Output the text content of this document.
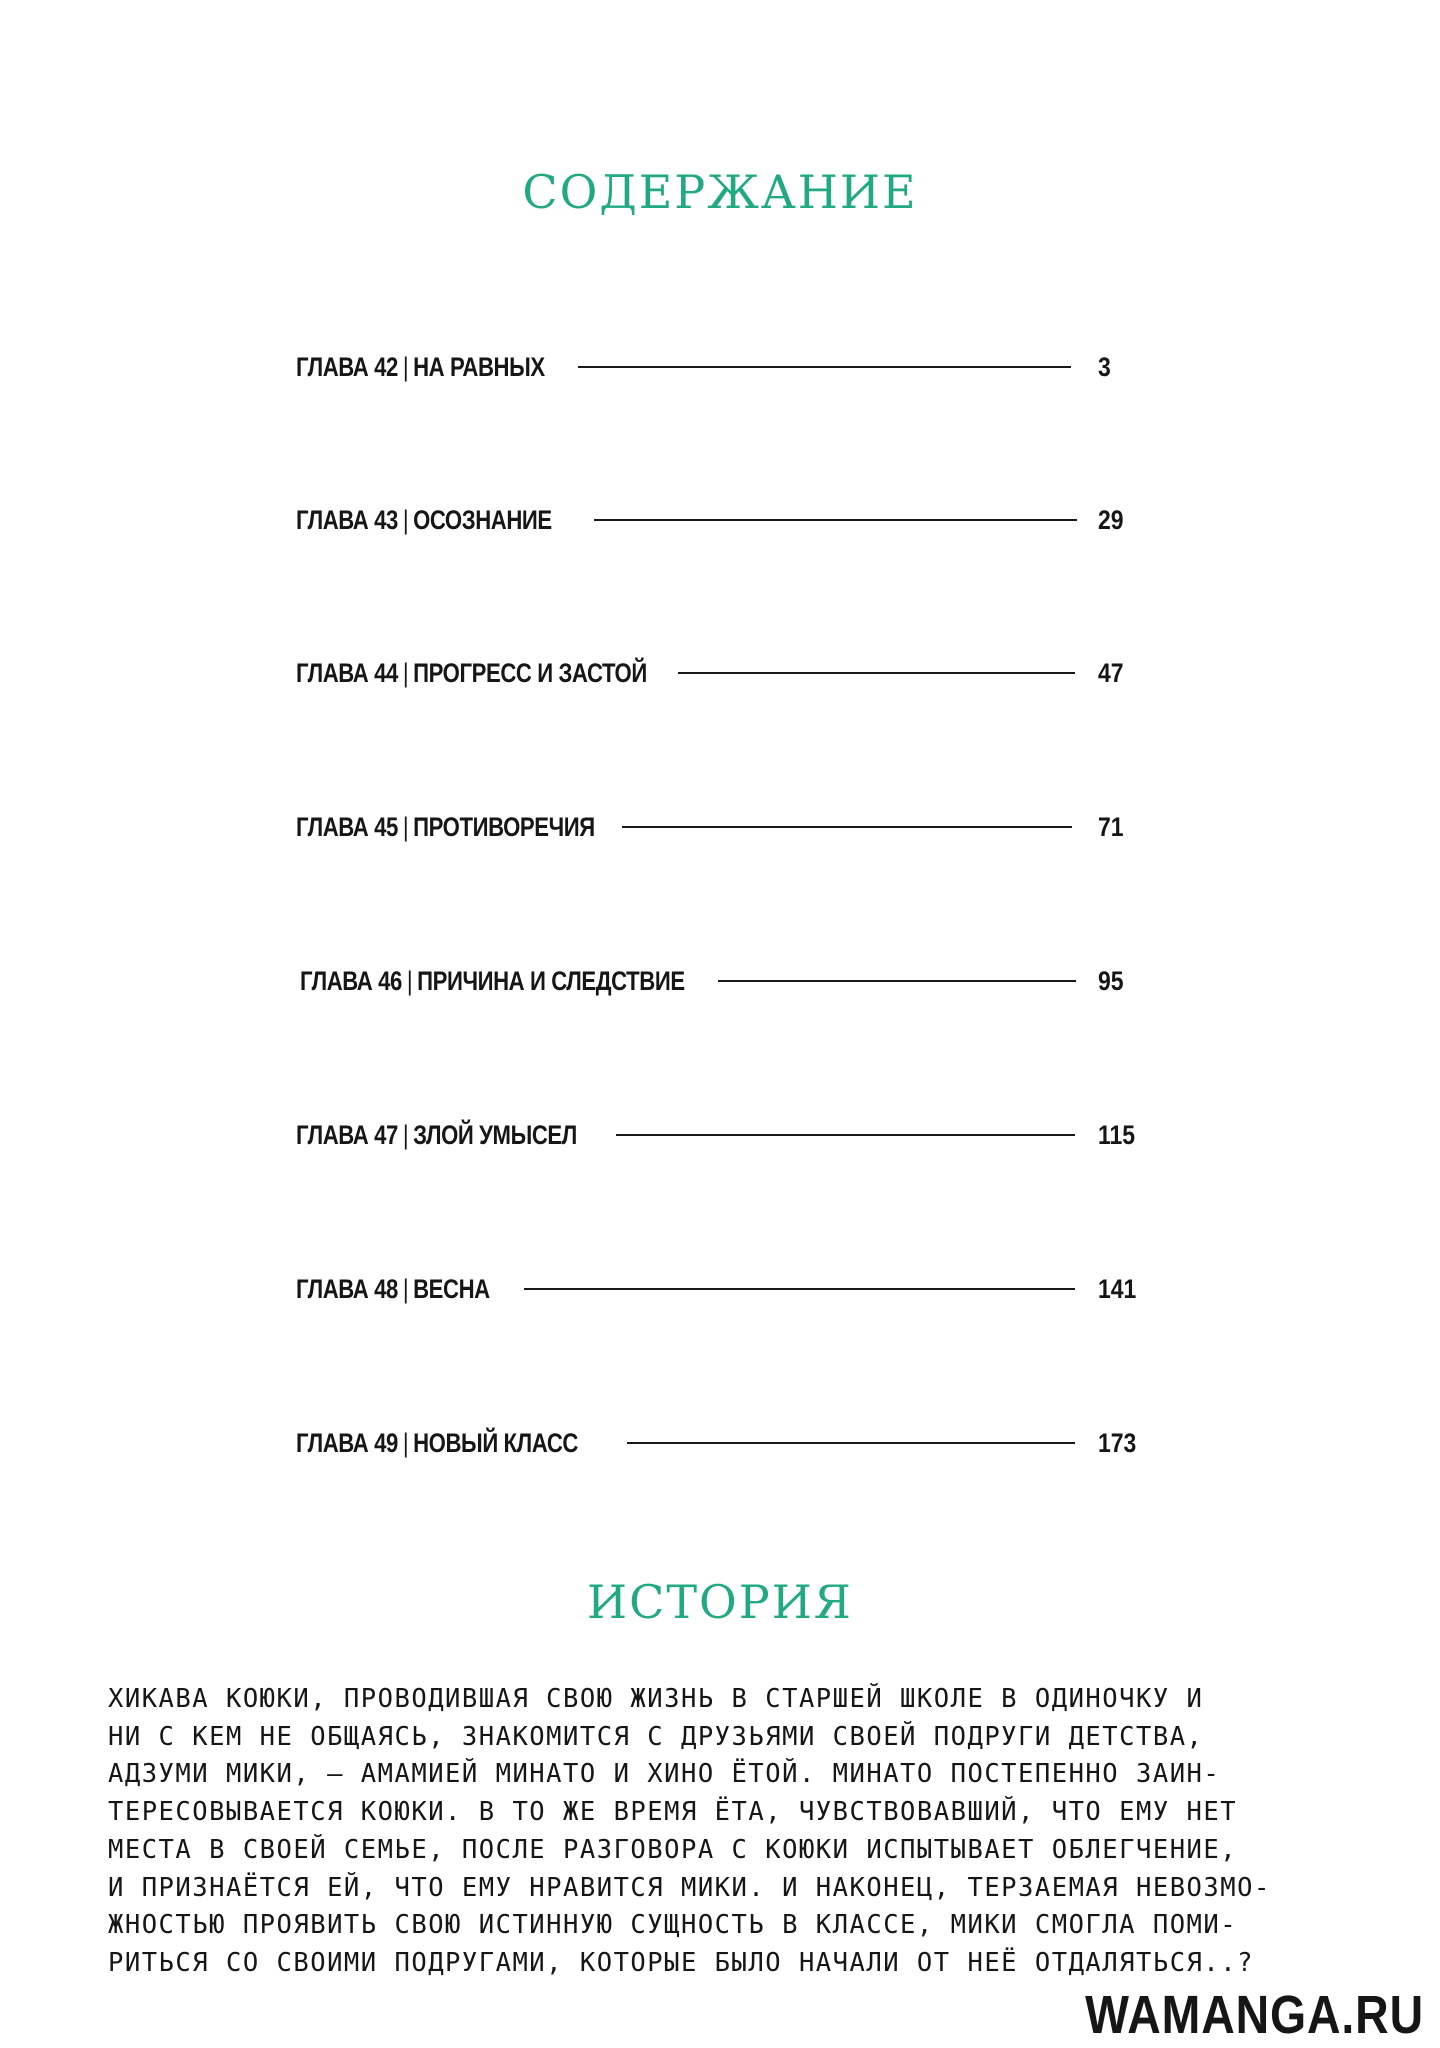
СОДЕРЖАНИЕ
ГЛАВА 42 | НА РАВНЫХ	3
ГЛАВА 43 | ОСОЗНАНИЕ	29
ГЛАВА 44 | ПРОГРЕСС И ЗАСТОЙ	47
ГЛАВА 45 | ПРОТИВОРЕЧИЯ	71
ГЛАВА 46 | ПРИЧИНА И СЛЕДСТВИЕ	95
ГЛАВА 47 | ЗЛОЙ УМЫСЕЛ	115
ГЛАВА 48 | ВЕСНА	141
ГЛАВА 49 | НОВЫЙ КЛАСС	173
ИСТОРИЯ

ХИКАВА КОЮКИ, ПРОВОДИВШАЯ СВОЮ ЖИЗНЬ В СТАРШЕЙ ШКОЛЕ В ОДИНОЧКУ И
НИ С КЕМ НЕ ОБЩАЯСЬ, ЗНАКОМИТСЯ С ДРУЗЬЯМИ СВОЕЙ ПОДРУГИ ДЕТСТВА,
АДЗУМИ МИКИ, – АМАМИЕЙ МИНАТО И ХИНО ЁТОЙ. МИНАТО ПОСТЕПЕННО ЗАИН-
ТЕРЕСОВЫВАЕТСЯ КОЮКИ. В ТО ЖЕ ВРЕМЯ ЁТА, ЧУВСТВОВАВШИЙ, ЧТО ЕМУ НЕТ
МЕСТА В СВОЕЙ СЕМЬЕ, ПОСЛЕ РАЗГОВОРА С КОЮКИ ИСПЫТЫВАЕТ ОБЛЕГЧЕНИЕ,
И ПРИЗНАЁТСЯ ЕЙ, ЧТО ЕМУ НРАВИТСЯ МИКИ. И НАКОНЕЦ, ТЕРЗАЕМАЯ НЕВОЗМО-
ЖНОСТЬЮ ПРОЯВИТЬ СВОЮ ИСТИННУЮ СУЩНОСТЬ В КЛАССЕ, МИКИ СМОГЛА ПОМИ-
РИТЬСЯ СО СВОИМИ ПОДРУГАМИ, КОТОРЫЕ БЫЛО НАЧАЛИ ОТ НЕЁ ОТДАЛЯТЬСЯ..?

WAMANGA.RU
